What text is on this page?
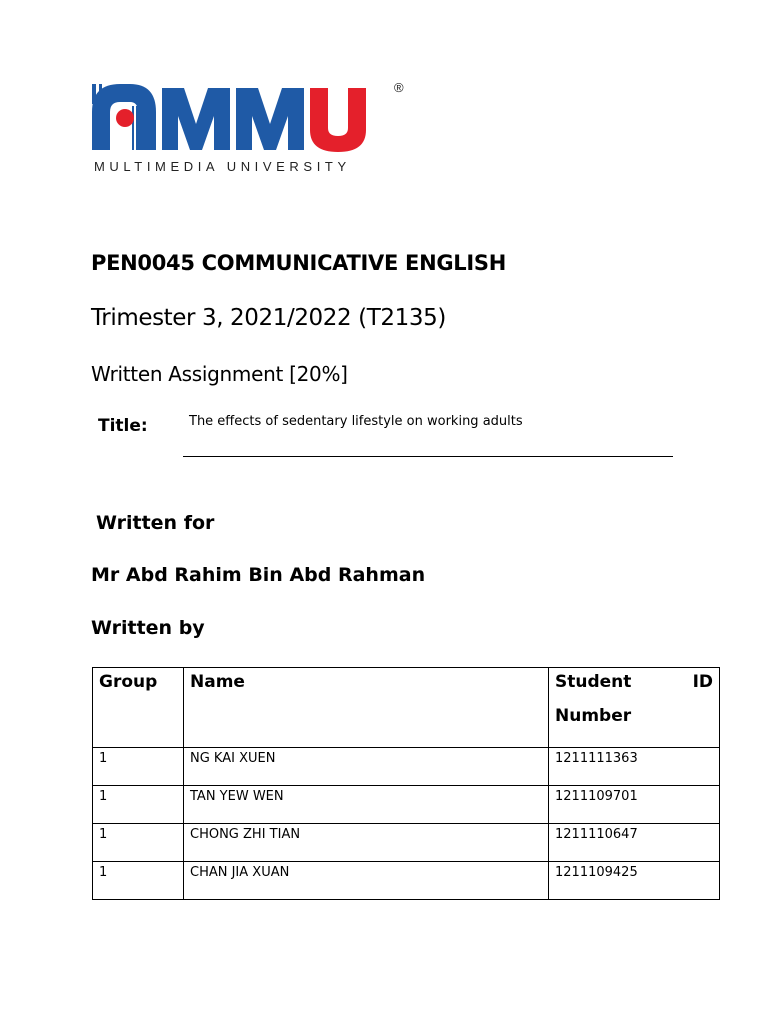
MULTIMEDIA UNIVERSITY
®
PEN0045 COMMUNICATIVE ENGLISH
Trimester 3, 2021/2022 (T2135)
Written Assignment [20%]
Title:	The effects of sedentary lifestyle on working adults
Written for
Mr Abd Rahim Bin Abd Rahman
Written by
Group	Name	Student ID
Number

1	NG KAI XUEN	1211111363
1	TAN YEW WEN	1211109701
1	CHONG ZHI TIAN	1211110647
1	CHAN JIA XUAN	1211109425
